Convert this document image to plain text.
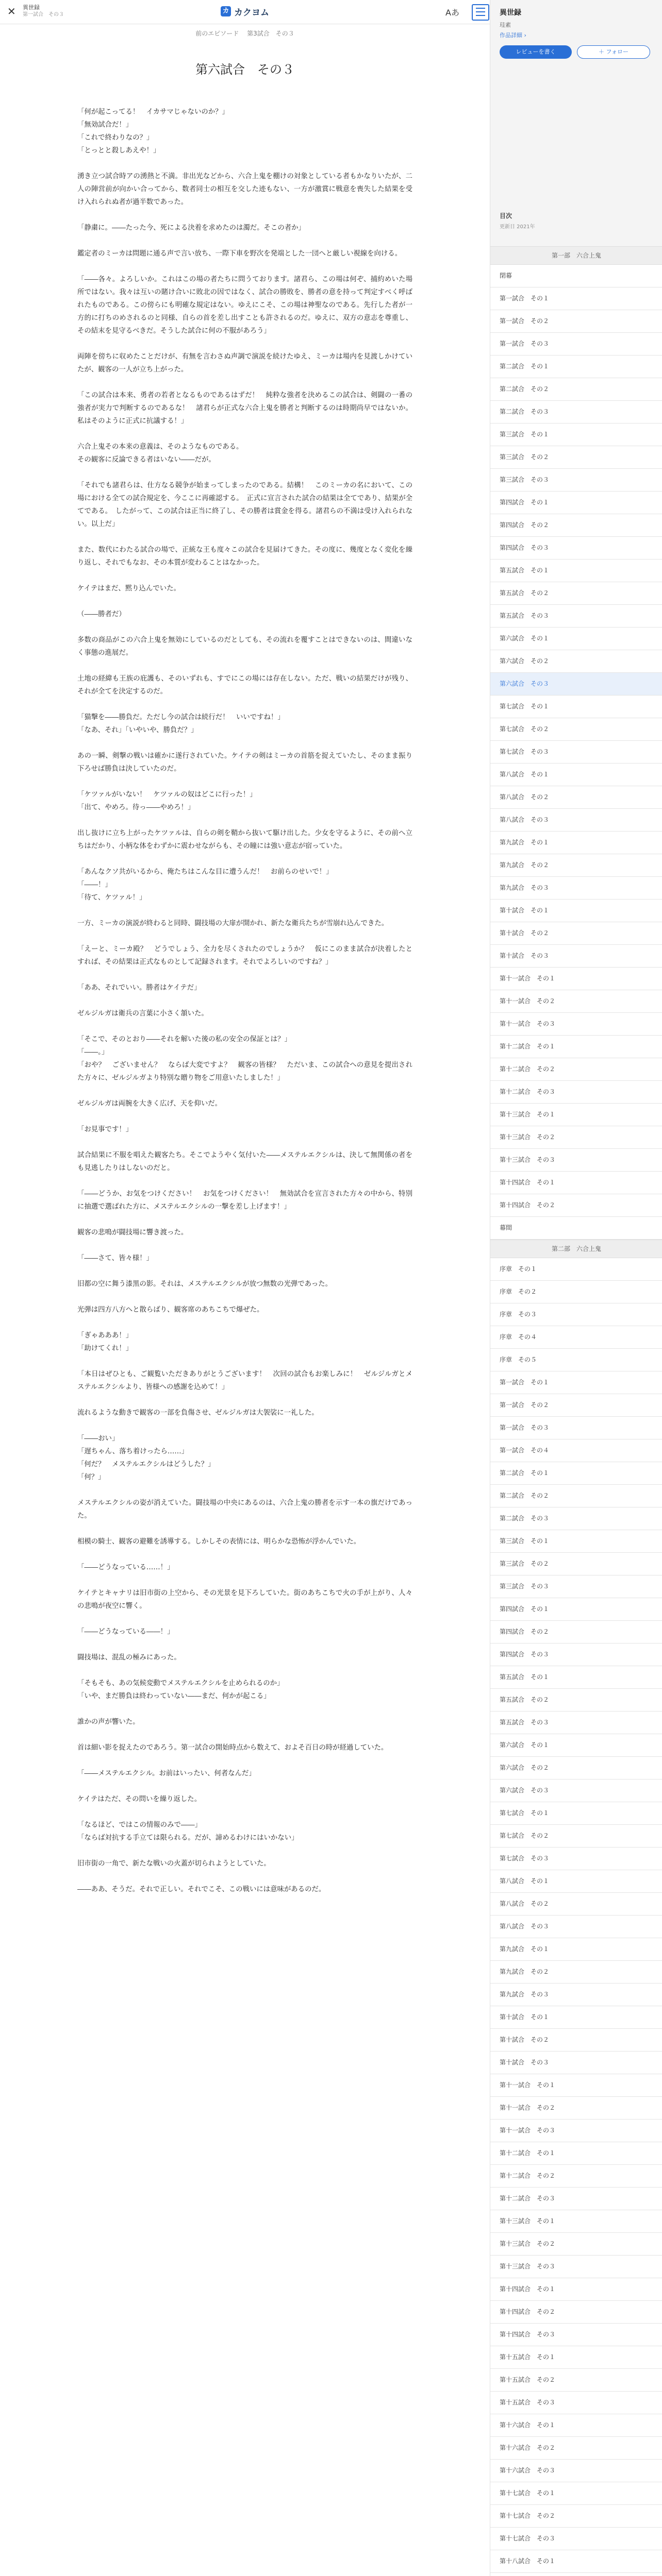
✕ 異世録
第一試合　その３	カ カクヨム	Aあ
前のエピソード 第3試合　その３
第六試合　その３

「何が起こってる！　イカサマじゃないのか？」
「無効試合だ！」
「これで終わりなの？」
「とっとと殺しあえや！」

湧き立つ試合時アの湧熱と不満。非出光などから、六合上鬼を棚けの対象としている者もかなりいたが、二人の陣営前が向かい合ってから、数者同士の相互を交した迹もない、一方が激賞に戦意を喪失した結果を受け入れられぬ者が過半数であった。

「静粛に。――たった今、死による決着を求めたのは濁だ。そこの者か」

鑑定者のミーカは問題に通る声で言い放ち、一際下車を野次を発端とした一団へと厳しい視線を向ける。

「――各々。よろしいか。これはこの場の者たちに問うております。諸君ら、この場は何ぞ、捕約めいた場所ではない。我々は互いの賭け合いに敗北の因ではなく、試合の勝敗を、勝者の意を持って判定すべく呼ばれたものである。この傍らにも明確な規定はない。ゆえにこそ、この場は神聖なのである。先行した者が一方的に打ちのめされるのと同様、自らの首を差し出すことも許されるのだ。ゆえに、双方の意志を尊重し、その結末を見守るべきだ。そうした試合に何の不服があろう」

両陣を傍ちに収めたことだけが、有無を言わさぬ声調で演説を続けたゆえ、ミーカは場内を見渡しかけていたが、観客の一人が立ち上がった。

「この試合は本来、勇者の若者となるものであるはずだ！　純粋な強者を決めるこの試合は、剣闘の一番の強者が実力で判断するのであるな！　諸君らが正式な六合上鬼を勝者と判断するのは時期尚早ではないか。私はそのように正式に抗議する！」

六合上鬼その本来の意義は、そのようなものである。
その観客に反論できる者はいない――だが。

「それでも諸君らは、仕方なる競争が始まってしまったのである。結構！　このミーカの名において、この場における全ての試合規定を、今ここに再確認する。　正式に宣言された試合の結果は全てであり、結果が全てである。　したがって、この試合は正当に終了し、その勝者は賞金を得る。諸君らの不満は受け入れられない。以上だ」

また、数代にわたる試合の場で、正統な王も度々この試合を見届けてきた。その度に、幾度となく変化を繰り返し、それでもなお、その本質が変わることはなかった。

ケイテはまだ、黙り込んでいた。

（――勝者だ）

多数の商品がこの六合上鬼を無効にしているのだとしても、その流れを覆すことはできないのは、間違いなく事態の進展だ。

土地の経緯も王族の庇護も、そのいずれも、すでにこの場には存在しない。ただ、戦いの結果だけが残り、それが全てを決定するのだ。

「猫撃を――勝負だ。ただし今の試合は続行だ！　いいですね！」
「なあ、それ」「いやいや、勝負だ？」

あの一瞬、剣撃の戦いは確かに遂行されていた。ケイテの剣はミーカの首筋を捉えていたし、そのまま振り下ろせば勝負は決していたのだ。

「ケツァルがいない！　ケツァルの奴はどこに行った！」
「出て、やめろ。待っ――やめろ！」

出し抜けに立ち上がったケツァルは、自らの剣を鞘から抜いて駆け出した。少女を守るように、その前へ立ちはだかり、小柄な体をわずかに震わせながらも、その瞳には強い意志が宿っていた。

「あんなクソ共がいるから、俺たちはこんな目に遭うんだ！　お前らのせいで！」
「――！」
「待て、ケツァル！」

一方、ミーカの演説が終わると同時、闘技場の大扉が開かれ、新たな衛兵たちが雪崩れ込んできた。

「えーと、ミーカ殿？　どうでしょう、全力を尽くされたのでしょうか？　仮にこのまま試合が決着したとすれば、その結果は正式なものとして記録されます。それでよろしいのですね？」

「ああ、それでいい。勝者はケイテだ」

ゼルジルガは衛兵の言葉に小さく頷いた。

「そこで、そのとおり――それを解いた後の私の安全の保証とは？」
「――。」
「おや？　ございません？　ならば大変ですよ？　観客の皆様？　ただいま、この試合への意見を提出された方々に、ゼルジルガより特別な贈り物をご用意いたしました！」

ゼルジルガは両腕を大きく広げ、天を仰いだ。

「お見事です！」

試合結果に不服を唱えた観客たち。そこでようやく気付いた――メステルエクシルは、決して無関係の者をも見逃したりはしないのだと。

「――どうか、お気をつけください！　お気をつけください！　無効試合を宣言された方々の中から、特別に抽選で選ばれた方に、メステルエクシルの一撃を差し上げます！」

観客の悲鳴が闘技場に響き渡った。

「――さて、皆々様！」

旧都の空に舞う漆黒の影。それは、メステルエクシルが放つ無数の光弾であった。

光弾は四方八方へと散らばり、観客席のあちこちで爆ぜた。

「ぎゃあああ！」
「助けてくれ！」

「本日はぜひとも、ご観覧いただきありがとうございます！　次回の試合もお楽しみに！　ゼルジルガとメステルエクシルより、皆様への感謝を込めて！」

流れるような動きで観客の一部を負傷させ、ゼルジルガは大袈裟に一礼した。

「――おい」
「遅ちゃん、落ち着けったら……」
「何だ？　メステルエクシルはどうした？」
「何？」

メステルエクシルの姿が消えていた。闘技場の中央にあるのは、六合上鬼の勝者を示す一本の旗だけであった。

相模の騎士、観客の避難を誘導する。しかしその表情には、明らかな恐怖が浮かんでいた。

「――どうなっている……！」

ケイテとキャナリは旧市街の上空から、その光景を見下ろしていた。街のあちこちで火の手が上がり、人々の悲鳴が夜空に響く。

「――どうなっている――！」

闘技場は、混乱の極みにあった。

「そもそも、あの気候変動でメステルエクシルを止められるのか」
「いや、まだ勝負は終わっていない――まだ、何かが起こる」

誰かの声が響いた。

首は細い影を捉えたのであろう。第一試合の開始時点から数えて、およそ百日の時が経過していた。

「――メステルエクシル。お前はいったい、何者なんだ」

ケイテはただ、その問いを繰り返した。

「なるほど、ではこの情報のみで――」
「ならば対抗する手立ては限られる。だが、諦めるわけにはいかない」

旧市街の一角で、新たな戦いの火蓋が切られようとしていた。

――ああ、そうだ。それで正しい。それでこそ、この戦いには意味があるのだ。

異世録
珪素
作品詳細 ›
レビューを書く	＋ フォロー
目次
更新日 2021年
第一部　六合上鬼
閉幕
第一試合　その１
第一試合　その２
第一試合　その３
第二試合　その１
第二試合　その２
第二試合　その３
第三試合　その１
第三試合　その２
第三試合　その３
第四試合　その１
第四試合　その２
第四試合　その３
第五試合　その１
第五試合　その２
第五試合　その３
第六試合　その１
第六試合　その２
第六試合　その３
第七試合　その１
第七試合　その２
第七試合　その３
第八試合　その１
第八試合　その２
第八試合　その３
第九試合　その１
第九試合　その２
第九試合　その３
第十試合　その１
第十試合　その２
第十試合　その３
第十一試合　その１
第十一試合　その２
第十一試合　その３
第十二試合　その１
第十二試合　その２
第十二試合　その３
第十三試合　その１
第十三試合　その２
第十三試合　その３
第十四試合　その１
第十四試合　その２
幕間
第二部　六合上鬼
序章　その１
序章　その２
序章　その３
序章　その４
序章　その５
第一試合　その１
第一試合　その２
第一試合　その３
第一試合　その４
第二試合　その１
第二試合　その２
第二試合　その３
第三試合　その１
第三試合　その２
第三試合　その３
第四試合　その１
第四試合　その２
第四試合　その３
第五試合　その１
第五試合　その２
第五試合　その３
第六試合　その１
第六試合　その２
第六試合　その３
第七試合　その１
第七試合　その２
第七試合　その３
第八試合　その１
第八試合　その２
第八試合　その３
第九試合　その１
第九試合　その２
第九試合　その３
第十試合　その１
第十試合　その２
第十試合　その３
第十一試合　その１
第十一試合　その２
第十一試合　その３
第十二試合　その１
第十二試合　その２
第十二試合　その３
第十三試合　その１
第十三試合　その２
第十三試合　その３
第十四試合　その１
第十四試合　その２
第十四試合　その３
第十五試合　その１
第十五試合　その２
第十五試合　その３
第十六試合　その１
第十六試合　その２
第十六試合　その３
第十七試合　その１
第十七試合　その２
第十七試合　その３
第十八試合　その１
